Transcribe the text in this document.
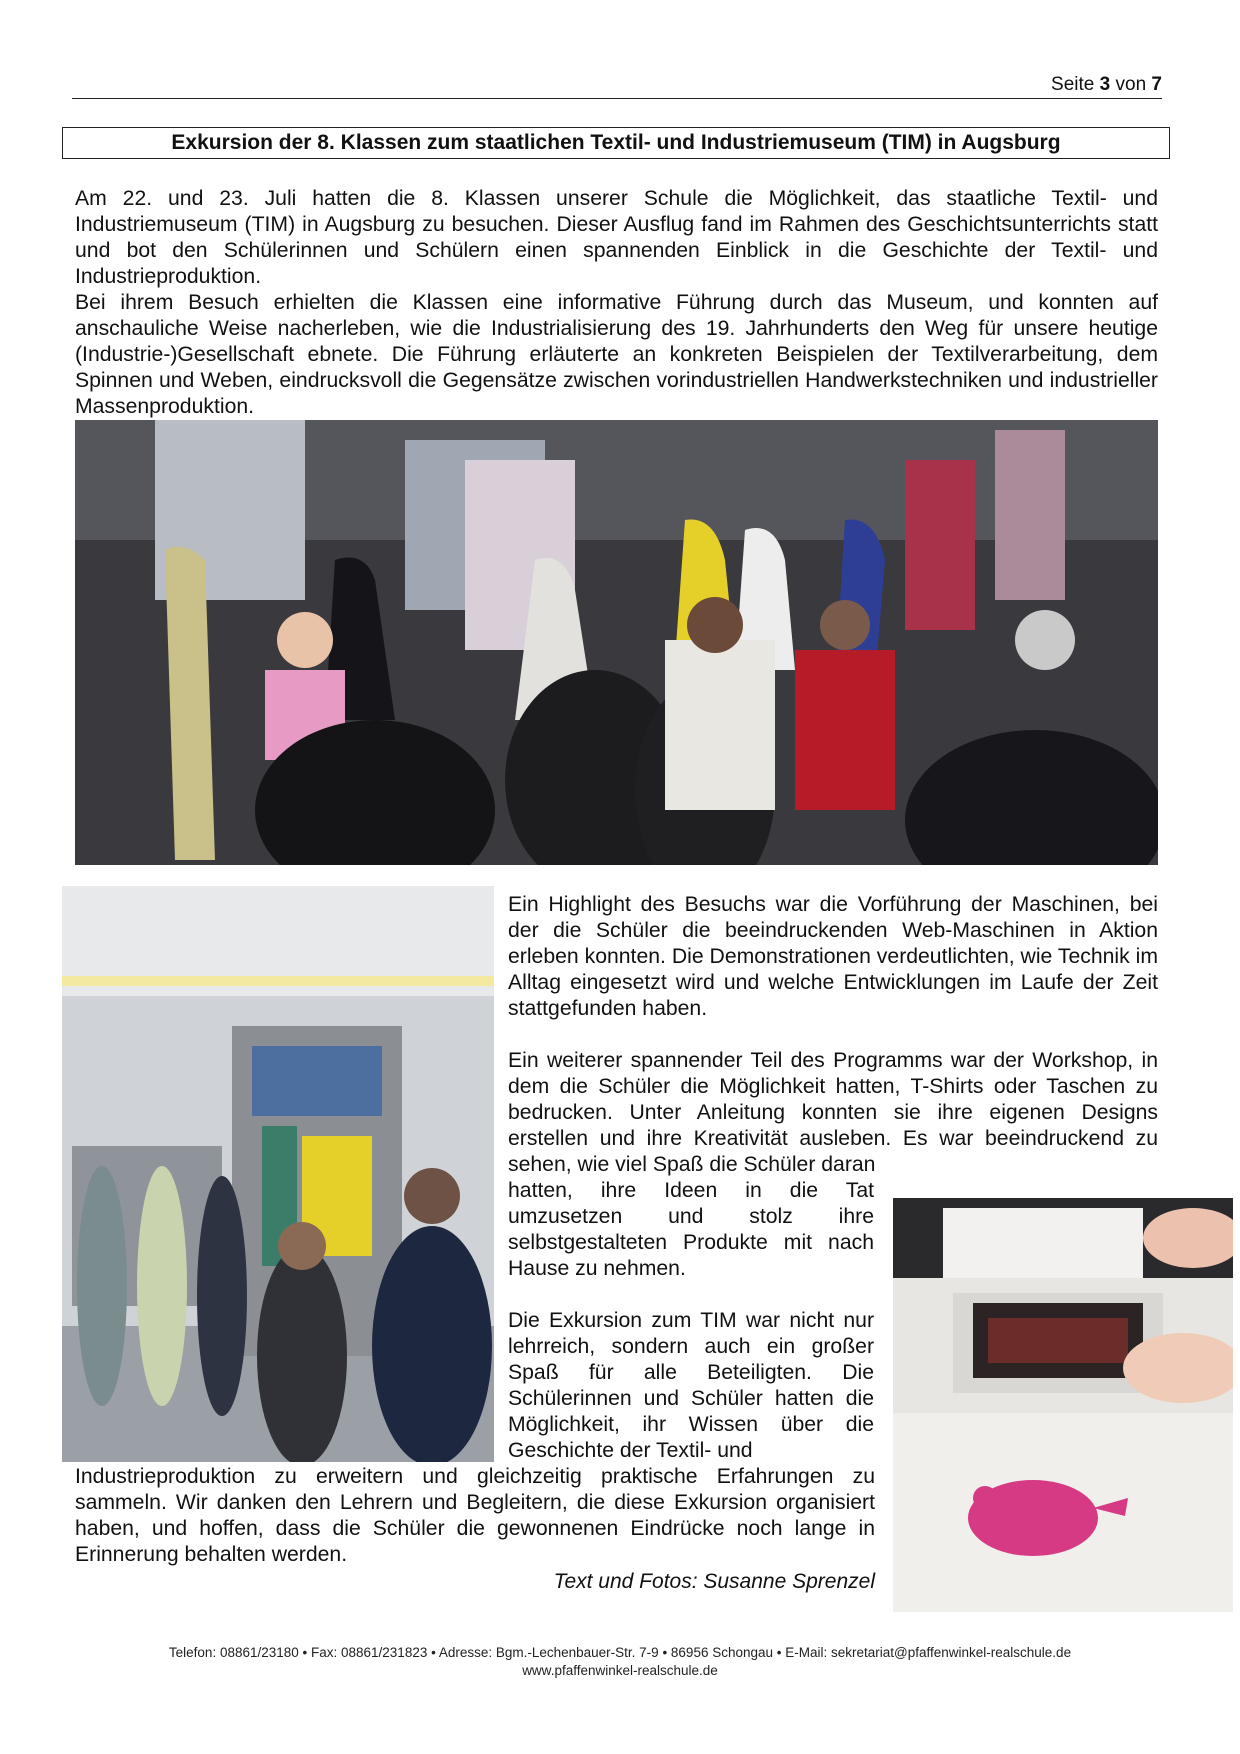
Seite 3 von 7
Exkursion der 8. Klassen zum staatlichen Textil- und Industriemuseum (TIM) in Augsburg

Am 22. und 23. Juli hatten die 8. Klassen unserer Schule die Möglichkeit, das staatliche Textil- und Industriemuseum (TIM) in Augsburg zu besuchen. Dieser Ausflug fand im Rahmen des Geschichtsunterrichts statt und bot den Schülerinnen und Schülern einen spannenden Einblick in die Geschichte der Textil- und Industrieproduktion.

Bei ihrem Besuch erhielten die Klassen eine informative Führung durch das Museum, und konnten auf anschauliche Weise nacherleben, wie die Industrialisierung des 19. Jahrhunderts den Weg für unsere heutige (Industrie-)Gesellschaft ebnete. Die Führung erläuterte an konkreten Beispielen der Textilverarbeitung, dem Spinnen und Weben, eindrucksvoll die Gegensätze zwischen vorindustriellen Handwerkstechniken und industrieller Massenproduktion.

Ein Highlight des Besuchs war die Vorführung der Maschinen, bei der die Schüler die beeindruckenden Web-Maschinen in Aktion erleben konnten. Die Demonstrationen verdeutlichten, wie Technik im Alltag eingesetzt wird und welche Entwicklungen im Laufe der Zeit stattgefunden haben.

Ein weiterer spannender Teil des Programms war der Workshop, in dem die Schüler die Möglichkeit hatten, T-Shirts oder Taschen zu bedrucken. Unter Anleitung konnten sie ihre eigenen Designs erstellen und ihre Kreativität ausleben. Es war beeindruckend zu sehen, wie viel Spaß die Schüler daran

hatten, ihre Ideen in die Tat umzusetzen und stolz ihre selbstgestalteten Produkte mit nach Hause zu nehmen.

Die Exkursion zum TIM war nicht nur lehrreich, sondern auch ein großer Spaß für alle Beteiligten. Die Schülerinnen und Schüler hatten die Möglichkeit, ihr Wissen über die Geschichte der Textil- und

Industrieproduktion zu erweitern und gleichzeitig praktische Erfahrungen zu sammeln. Wir danken den Lehrern und Begleitern, die diese Exkursion organisiert haben, und hoffen, dass die Schüler die gewonnenen Eindrücke noch lange in Erinnerung behalten werden.

Text und Fotos: Susanne Sprenzel
Telefon: 08861/23180 • Fax: 08861/231823 • Adresse: Bgm.-Lechenbauer-Str. 7-9 • 86956 Schongau • E-Mail: sekretariat@pfaffenwinkel-realschule.de
www.pfaffenwinkel-realschule.de
